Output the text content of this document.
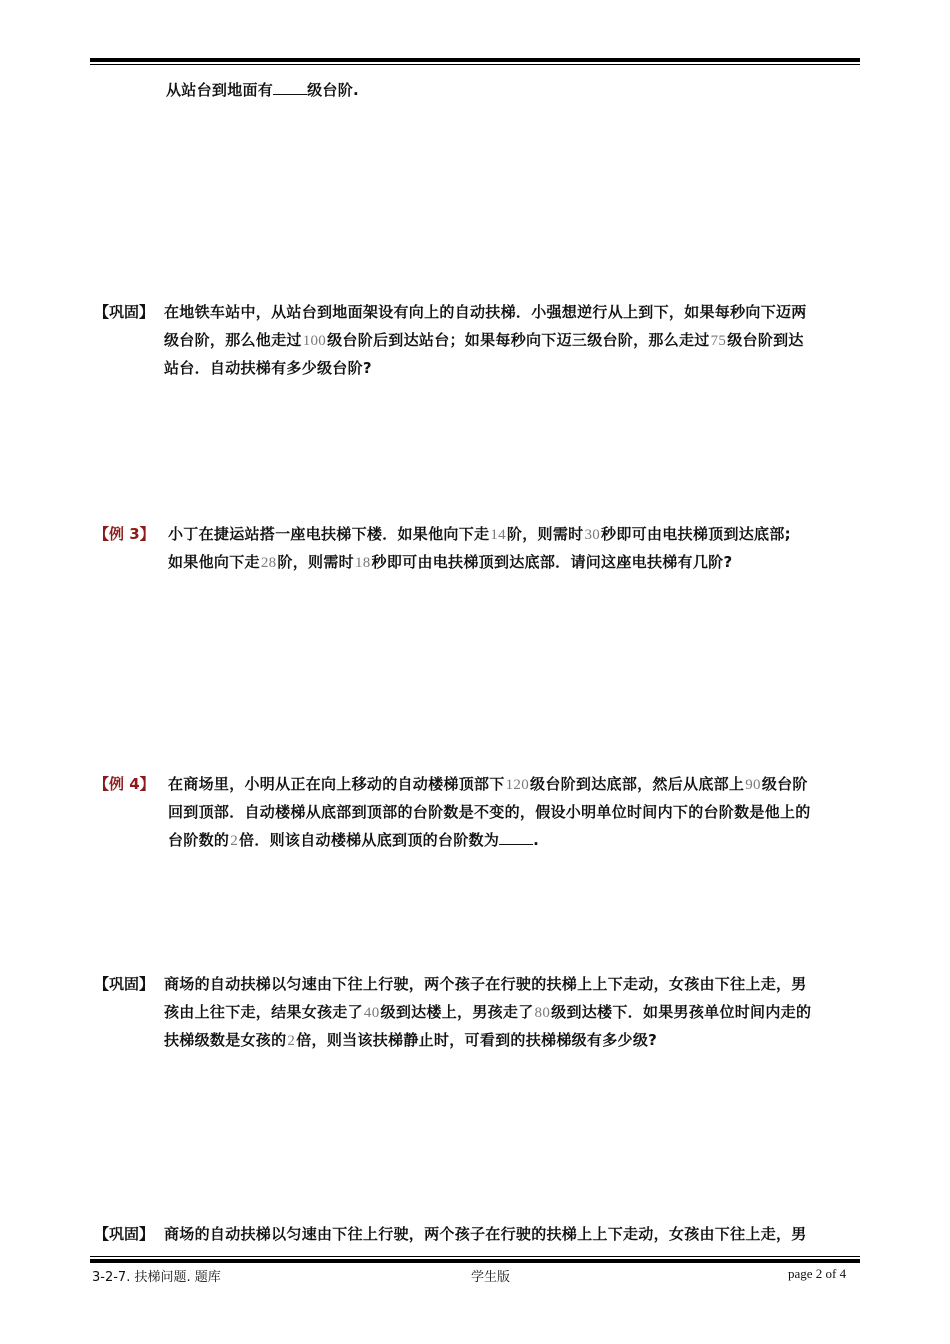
从站台到地面有 级台阶.
【巩固】 在地铁车站中，从站台到地面架设有向上的自动扶梯．小强想逆行从上到下，如果每秒向下迈两
级台阶，那么他走过100级台阶后到达站台；如果每秒向下迈三级台阶，那么走过75级台阶到达
站台．自动扶梯有多少级台阶?
【例 3】 小丁在捷运站搭一座电扶梯下楼．如果他向下走14阶，则需时30秒即可由电扶梯顶到达底部;
如果他向下走28阶，则需时18秒即可由电扶梯顶到达底部．请问这座电扶梯有几阶?
【例 4】 在商场里，小明从正在向上移动的自动楼梯顶部下120级台阶到达底部，然后从底部上90级台阶
回到顶部．自动楼梯从底部到顶部的台阶数是不变的，假设小明单位时间内下的台阶数是他上的
台阶数的2倍．则该自动楼梯从底到顶的台阶数为 .
【巩固】 商场的自动扶梯以匀速由下往上行驶，两个孩子在行驶的扶梯上上下走动，女孩由下往上走，男
孩由上往下走，结果女孩走了40级到达楼上，男孩走了80级到达楼下．如果男孩单位时间内走的
扶梯级数是女孩的2倍，则当该扶梯静止时，可看到的扶梯梯级有多少级?
【巩固】 商场的自动扶梯以匀速由下往上行驶，两个孩子在行驶的扶梯上上下走动，女孩由下往上走，男
3-2-7. 扶梯问题. 题库	学生版	page 2 of 4
